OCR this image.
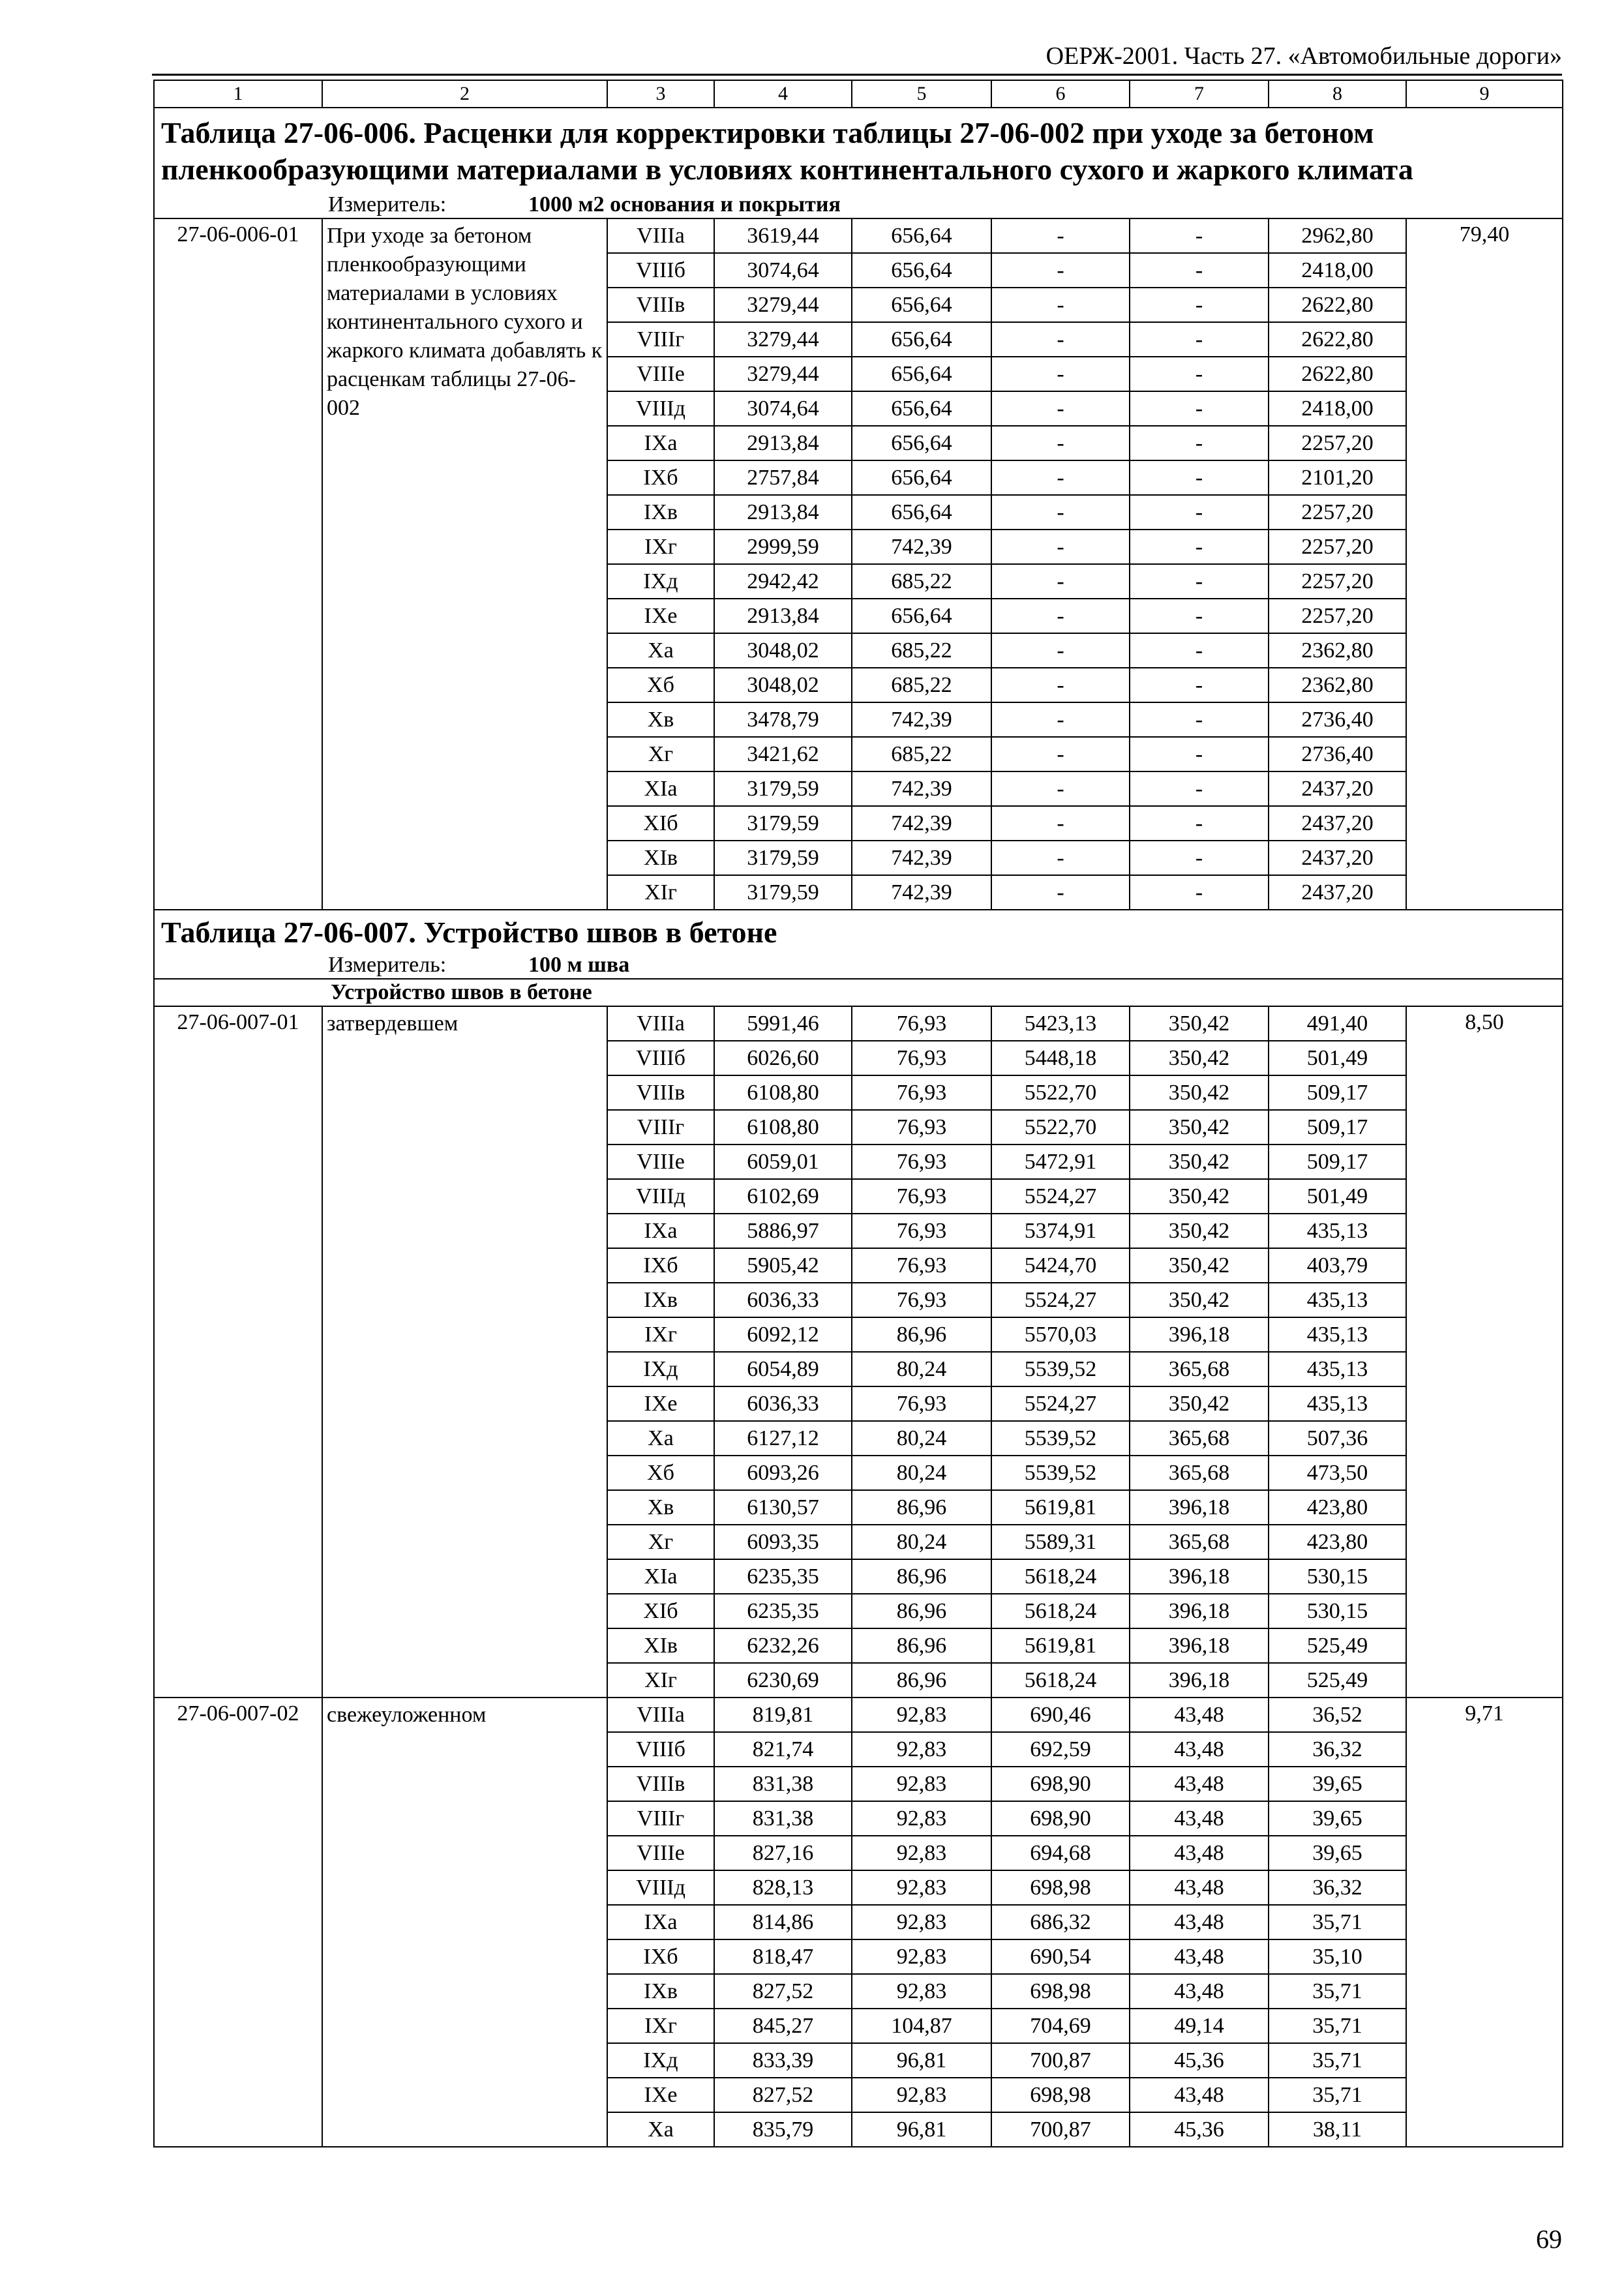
ОЕРЖ-2001. Часть 27. «Автомобильные дороги»
1	2	3	4	5	6	7	8	9
Таблица 27-06-006. Расценки для корректировки таблицы 27-06-002 при уходе за бетоном пленкообразующими материалами в условиях континентального сухого и жаркого климата								
Измеритель: 1000 м2 основания и покрытия								
27-06-006-01	При уходе за бетоном пленкообразующими материалами в условиях континентального сухого и жаркого климата добавлять к расценкам таблицы 27-06-002	VIIIа	3619,44	656,64	-	-	2962,80	79,40
		VIIIб	3074,64	656,64	-	-	2418,00	
		VIIIв	3279,44	656,64	-	-	2622,80	
		VIIIг	3279,44	656,64	-	-	2622,80	
		VIIIе	3279,44	656,64	-	-	2622,80	
		VIIIд	3074,64	656,64	-	-	2418,00	
		IXа	2913,84	656,64	-	-	2257,20	
		IXб	2757,84	656,64	-	-	2101,20	
		IXв	2913,84	656,64	-	-	2257,20	
		IXг	2999,59	742,39	-	-	2257,20	
		IXд	2942,42	685,22	-	-	2257,20	
		IXе	2913,84	656,64	-	-	2257,20	
		Xа	3048,02	685,22	-	-	2362,80	
		Xб	3048,02	685,22	-	-	2362,80	
		Xв	3478,79	742,39	-	-	2736,40	
		Xг	3421,62	685,22	-	-	2736,40	
		XIа	3179,59	742,39	-	-	2437,20	
		XIб	3179,59	742,39	-	-	2437,20	
		XIв	3179,59	742,39	-	-	2437,20	
		XIг	3179,59	742,39	-	-	2437,20	
Таблица 27-06-007. Устройство швов в бетоне								
Измеритель: 100 м шва								
Устройство швов в бетоне								
27-06-007-01	затвердевшем	VIIIа	5991,46	76,93	5423,13	350,42	491,40	8,50
		VIIIб	6026,60	76,93	5448,18	350,42	501,49	
		VIIIв	6108,80	76,93	5522,70	350,42	509,17	
		VIIIг	6108,80	76,93	5522,70	350,42	509,17	
		VIIIе	6059,01	76,93	5472,91	350,42	509,17	
		VIIIд	6102,69	76,93	5524,27	350,42	501,49	
		IXа	5886,97	76,93	5374,91	350,42	435,13	
		IXб	5905,42	76,93	5424,70	350,42	403,79	
		IXв	6036,33	76,93	5524,27	350,42	435,13	
		IXг	6092,12	86,96	5570,03	396,18	435,13	
		IXд	6054,89	80,24	5539,52	365,68	435,13	
		IXе	6036,33	76,93	5524,27	350,42	435,13	
		Xа	6127,12	80,24	5539,52	365,68	507,36	
		Xб	6093,26	80,24	5539,52	365,68	473,50	
		Xв	6130,57	86,96	5619,81	396,18	423,80	
		Xг	6093,35	80,24	5589,31	365,68	423,80	
		XIа	6235,35	86,96	5618,24	396,18	530,15	
		XIб	6235,35	86,96	5618,24	396,18	530,15	
		XIв	6232,26	86,96	5619,81	396,18	525,49	
		XIг	6230,69	86,96	5618,24	396,18	525,49	
27-06-007-02	свежеуложенном	VIIIа	819,81	92,83	690,46	43,48	36,52	9,71
		VIIIб	821,74	92,83	692,59	43,48	36,32	
		VIIIв	831,38	92,83	698,90	43,48	39,65	
		VIIIг	831,38	92,83	698,90	43,48	39,65	
		VIIIе	827,16	92,83	694,68	43,48	39,65	
		VIIIд	828,13	92,83	698,98	43,48	36,32	
		IXа	814,86	92,83	686,32	43,48	35,71	
		IXб	818,47	92,83	690,54	43,48	35,10	
		IXв	827,52	92,83	698,98	43,48	35,71	
		IXг	845,27	104,87	704,69	49,14	35,71	
		IXд	833,39	96,81	700,87	45,36	35,71	
		IXе	827,52	92,83	698,98	43,48	35,71	
		Xа	835,79	96,81	700,87	45,36	38,11	
69
